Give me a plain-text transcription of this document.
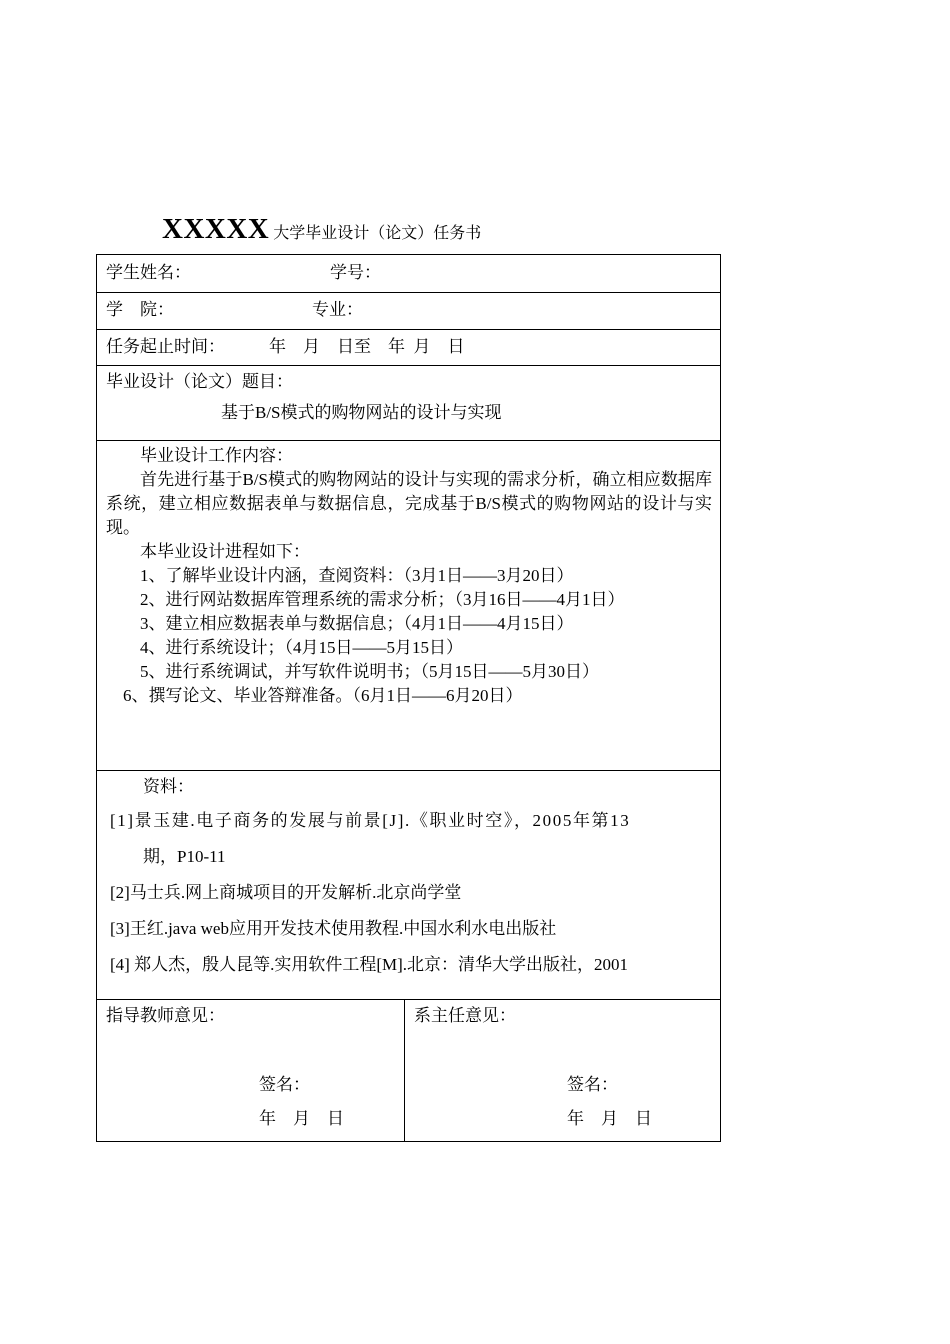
XXXXX 大学毕业设计（论文）任务书
学生姓名：	学号：
学　院：	专业：
任务起止时间：	年　月　日至　年  月　日
毕业设计（论文）题目：
基于B/S模式的购物网站的设计与实现

毕业设计工作内容：

首先进行基于B/S模式的购物网站的设计与实现的需求分析，确立相应数据库系统，建立相应数据表单与数据信息，完成基于B/S模式的购物网站的设计与实现。

本毕业设计进程如下：

1、了解毕业设计内涵，查阅资料：（3月1日——3月20日）

2、进行网站数据库管理系统的需求分析；（3月16日——4月1日）

3、建立相应数据表单与数据信息；（4月1日——4月15日）

4、进行系统设计；（4月15日——5月15日）

5、进行系统调试，并写软件说明书；（5月15日——5月30日）

6、撰写论文、毕业答辩准备。（6月1日——6月20日）

资料：
[1]景玉建.电子商务的发展与前景[J].《职业时空》，2005年第13
期，P10-11
[2]马士兵.网上商城项目的开发解析.北京尚学堂
[3]王红.java web应用开发技术使用教程.中国水利水电出版社
[4] 郑人杰，殷人昆等.实用软件工程[M].北京：清华大学出版社，2001
指导教师意见：
签名：
年　月　日
系主任意见：
签名：
年　月　日
